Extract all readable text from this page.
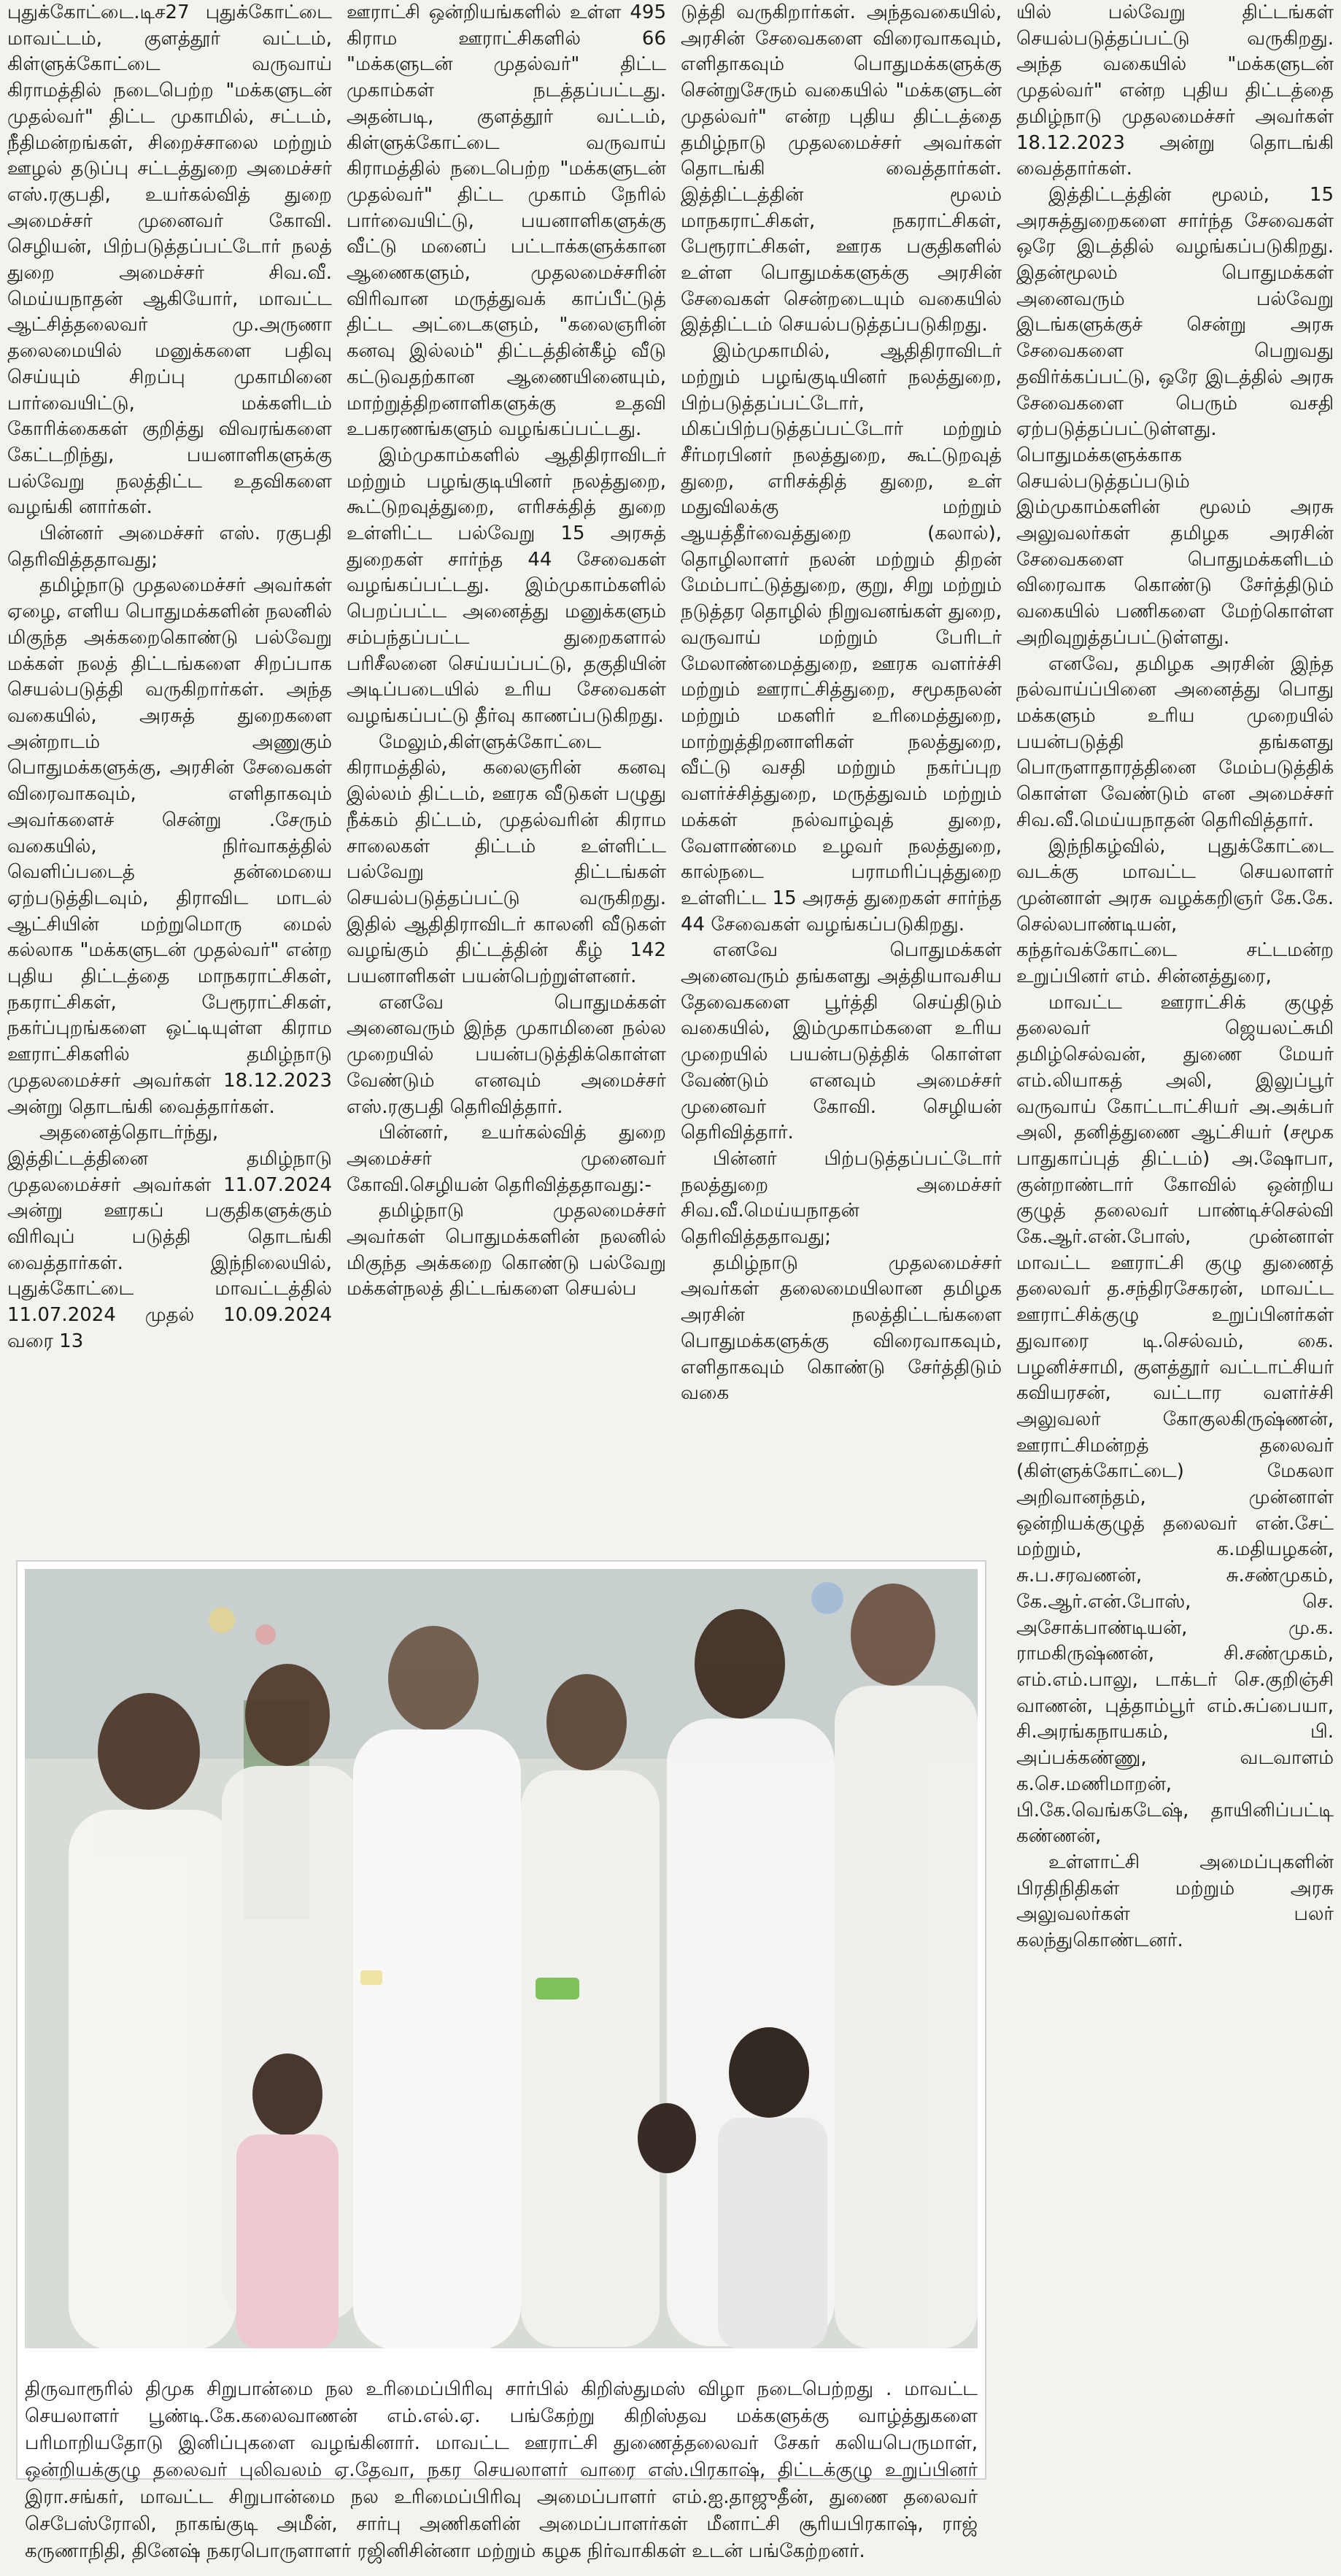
புதுக்கோட்டை.டிச27 புதுக்கோட்டை மாவட்டம், குளத்தூர் வட்டம், கிள்ளுக்கோட்டை வருவாய் கிராமத்தில் நடைபெற்ற "மக்களுடன் முதல்வர்" திட்ட முகாமில், சட்டம், நீதிமன்றங்கள், சிறைச்சாலை மற்றும் ஊழல் தடுப்பு சட்டத்துறை அமைச்சர் எஸ்.ரகுபதி, உயர்கல்வித் துறை அமைச்சர் முனைவர் கோவி. செழியன், பிற்படுத்தப்பட்டோர் நலத் துறை அமைச்சர் சிவ.வீ. மெய்யநாதன் ஆகியோர், மாவட்ட ஆட்சித்தலைவர் மு.அருணா தலைமையில் மனுக்களை பதிவு செய்யும் சிறப்பு முகாமினை பார்வையிட்டு, மக்களிடம் கோரிக்கைகள் குறித்து விவரங்களை கேட்டறிந்து, பயனாளிகளுக்கு பல்வேறு நலத்திட்ட உதவிகளை வழங்கி னார்கள்.

பின்னர் அமைச்சர் எஸ். ரகுபதி தெரிவித்ததாவது;

தமிழ்நாடு முதலமைச்சர் அவர்கள் ஏழை, எளிய பொதுமக்களின் நலனில் மிகுந்த அக்கறைகொண்டு பல்வேறு மக்கள் நலத் திட்டங்களை சிறப்பாக செயல்படுத்தி வருகிறார்கள். அந்த வகையில், அரசுத் துறைகளை அன்றாடம் அணுகும் பொதுமக்களுக்கு, அரசின் சேவைகள் விரைவாகவும், எளிதாகவும் அவர்களைச் சென்று .சேரும் வகையில், நிர்வாகத்தில் வெளிப்படைத் தன்மையை ஏற்படுத்திடவும், திராவிட மாடல் ஆட்சியின் மற்றுமொரு மைல் கல்லாக "மக்களுடன் முதல்வர்" என்ற புதிய திட்டத்தை மாநகராட்சிகள், நகராட்சிகள், பேரூராட்சிகள், நகர்ப்புறங்களை ஒட்டியுள்ள கிராம ஊராட்சிகளில் தமிழ்நாடு முதலமைச்சர் அவர்கள் 18.12.2023 அன்று தொடங்கி வைத்தார்கள்.

அதனைத்தொடர்ந்து, இத்திட்டத்தினை தமிழ்நாடு முதலமைச்சர் அவர்கள் 11.07.2024 அன்று ஊரகப் பகுதிகளுக்கும் விரிவுப் படுத்தி தொடங்கி வைத்தார்கள். இந்நிலையில், புதுக்கோட்டை மாவட்டத்தில் 11.07.2024 முதல் 10.09.2024 வரை 13

ஊராட்சி ஒன்றியங்களில் உள்ள 495 கிராம ஊராட்சிகளில் 66 "மக்களுடன் முதல்வர்" திட்ட முகாம்கள் நடத்தப்பட்டது. அதன்படி, குளத்தூர் வட்டம், கிள்ளுக்கோட்டை வருவாய் கிராமத்தில் நடைபெற்ற "மக்களுடன் முதல்வர்" திட்ட முகாம் நேரில் பார்வையிட்டு, பயனாளிகளுக்கு வீட்டு மனைப் பட்டாக்களுக்கான ஆணைகளும், முதலமைச்சரின் விரிவான மருத்துவக் காப்பீட்டுத் திட்ட அட்டைகளும், "கலைஞரின் கனவு இல்லம்" திட்டத்தின்கீழ் வீடு கட்டுவதற்கான ஆணையினையும், மாற்றுத்திறனாளிகளுக்கு உதவி உபகரணங்களும் வழங்கப்பட்டது.

இம்முகாம்களில் ஆதிதிராவிடர் மற்றும் பழங்குடியினர் நலத்துறை, கூட்டுறவுத்துறை, எரிசக்தித் துறை உள்ளிட்ட பல்வேறு 15 அரசுத் துறைகள் சார்ந்த 44 சேவைகள் வழங்கப்பட்டது. இம்முகாம்களில் பெறப்பட்ட அனைத்து மனுக்களும் சம்பந்தப்பட்ட துறைகளால் பரிசீலனை செய்யப்பட்டு, தகுதியின் அடிப்படையில் உரிய சேவைகள் வழங்கப்பட்டு தீர்வு காணப்படுகிறது.

மேலும்,கிள்ளுக்கோட்டை கிராமத்தில், கலைஞரின் கனவு இல்லம் திட்டம், ஊரக வீடுகள் பழுது நீக்கம் திட்டம், முதல்வரின் கிராம சாலைகள் திட்டம் உள்ளிட்ட பல்வேறு திட்டங்கள் செயல்படுத்தப்பட்டு வருகிறது. இதில் ஆதிதிராவிடர் காலனி வீடுகள் வழங்கும் திட்டத்தின் கீழ் 142 பயனாளிகள் பயன்பெற்றுள்ளனர்.

எனவே பொதுமக்கள் அனைவரும் இந்த முகாமினை நல்ல முறையில் பயன்படுத்திக்கொள்ள வேண்டும் எனவும் அமைச்சர் எஸ்.ரகுபதி தெரிவித்தார்.

பின்னர், உயர்கல்வித் துறை அமைச்சர் முனைவர் கோவி.செழியன் தெரிவித்ததாவது:-

தமிழ்நாடு முதலமைச்சர் அவர்கள் பொதுமக்களின் நலனில் மிகுந்த அக்கறை கொண்டு பல்வேறு மக்கள்நலத் திட்டங்களை செயல்ப

டுத்தி வருகிறார்கள். அந்தவகையில், அரசின் சேவைகளை விரைவாகவும், எளிதாகவும் பொதுமக்களுக்கு சென்றுசேரும் வகையில் "மக்களுடன் முதல்வர்" என்ற புதிய திட்டத்தை தமிழ்நாடு முதலமைச்சர் அவர்கள் தொடங்கி வைத்தார்கள். இத்திட்டத்தின் மூலம் மாநகராட்சிகள், நகராட்சிகள், பேரூராட்சிகள், ஊரக பகுதிகளில் உள்ள பொதுமக்களுக்கு அரசின் சேவைகள் சென்றடையும் வகையில் இத்திட்டம் செயல்படுத்தப்படுகிறது.

இம்முகாமில், ஆதிதிராவிடர் மற்றும் பழங்குடியினர் நலத்துறை, பிற்படுத்தப்பட்டோர், மிகப்பிற்படுத்தப்பட்டோர் மற்றும் சீர்மரபினர் நலத்துறை, கூட்டுறவுத் துறை, எரிசக்தித் துறை, உள் மதுவிலக்கு மற்றும் ஆயத்தீர்வைத்துறை (கலால்), தொழிலாளர் நலன் மற்றும் திறன் மேம்பாட்டுத்துறை, குறு, சிறு மற்றும் நடுத்தர தொழில் நிறுவனங்கள் துறை, வருவாய் மற்றும் பேரிடர் மேலாண்மைத்துறை, ஊரக வளர்ச்சி மற்றும் ஊராட்சித்துறை, சமூகநலன் மற்றும் மகளிர் உரிமைத்துறை, மாற்றுத்திறனாளிகள் நலத்துறை, வீட்டு வசதி மற்றும் நகர்ப்புற வளர்ச்சித்துறை, மருத்துவம் மற்றும் மக்கள் நல்வாழ்வுத் துறை, வேளாண்மை உழவர் நலத்துறை, கால்நடை பராமரிப்புத்துறை உள்ளிட்ட 15 அரசுத் துறைகள் சார்ந்த 44 சேவைகள் வழங்கப்படுகிறது.

எனவே பொதுமக்கள் அனைவரும் தங்களது அத்தியாவசிய தேவைகளை பூர்த்தி செய்திடும் வகையில், இம்முகாம்களை உரிய முறையில் பயன்படுத்திக் கொள்ள வேண்டும் எனவும் அமைச்சர் முனைவர் கோவி. செழியன் தெரிவித்தார்.

பின்னர் பிற்படுத்தப்பட்டோர் நலத்துறை அமைச்சர் சிவ.வீ.மெய்யநாதன் தெரிவித்ததாவது;

தமிழ்நாடு முதலமைச்சர் அவர்கள் தலைமையிலான தமிழக அரசின் நலத்திட்டங்களை பொதுமக்களுக்கு விரைவாகவும், எளிதாகவும் கொண்டு சேர்த்திடும் வகை

யில் பல்வேறு திட்டங்கள் செயல்படுத்தப்பட்டு வருகிறது. அந்த வகையில் "மக்களுடன் முதல்வர்" என்ற புதிய திட்டத்தை தமிழ்நாடு முதலமைச்சர் அவர்கள் 18.12.2023 அன்று தொடங்கி வைத்தார்கள்.

இத்திட்டத்தின் மூலம், 15 அரசுத்துறைகளை சார்ந்த சேவைகள் ஒரே இடத்தில் வழங்கப்படுகிறது. இதன்மூலம் பொதுமக்கள் அனைவரும் பல்வேறு இடங்களுக்குச் சென்று அரசு சேவைகளை பெறுவது தவிர்க்கப்பட்டு, ஒரே இடத்தில் அரசு சேவைகளை பெரும் வசதி ஏற்படுத்தப்பட்டுள்ளது. பொதுமக்களுக்காக செயல்படுத்தப்படும் இம்முகாம்களின் மூலம் அரசு அலுவலர்கள் தமிழக அரசின் சேவைகளை பொதுமக்களிடம் விரைவாக கொண்டு சேர்த்திடும் வகையில் பணிகளை மேற்கொள்ள அறிவுறுத்தப்பட்டுள்ளது.

எனவே, தமிழக அரசின் இந்த நல்வாய்ப்பினை அனைத்து பொது மக்களும் உரிய முறையில் பயன்படுத்தி தங்களது பொருளாதாரத்தினை மேம்படுத்திக் கொள்ள வேண்டும் என அமைச்சர் சிவ.வீ.மெய்யநாதன் தெரிவித்தார்.

இந்நிகழ்வில், புதுக்கோட்டை வடக்கு மாவட்ட செயலாளர் முன்னாள் அரசு வழக்கறிஞர் கே.கே. செல்லபாண்டியன், கந்தர்வக்கோட்டை சட்டமன்ற உறுப்பினர் எம். சின்னத்துரை,

மாவட்ட ஊராட்சிக் குழுத் தலைவர் ஜெயலட்சுமி தமிழ்செல்வன், துணை மேயர் எம்.லியாகத் அலி, இலுப்பூர் வருவாய் கோட்டாட்சியர் அ.அக்பர் அலி, தனித்துணை ஆட்சியர் (சமூக பாதுகாப்புத் திட்டம்) அ.ஷோபா, குன்றாண்டார் கோவில் ஒன்றிய குழுத் தலைவர் பாண்டிச்செல்வி கே.ஆர்.என்.போஸ், முன்னாள் மாவட்ட ஊராட்சி குழு துணைத் தலைவர் த.சந்திரசேகரன், மாவட்ட ஊராட்சிக்குழு உறுப்பினர்கள் துவாரை டி.செல்வம், கை. பழனிச்சாமி, குளத்தூர் வட்டாட்சியர் கவியரசன், வட்டார வளர்ச்சி அலுவலர் கோகுலகிருஷ்ணன், ஊராட்சிமன்றத் தலைவர் (கிள்ளுக்கோட்டை) மேகலா அறிவானந்தம், முன்னாள் ஒன்றியக்குழுத் தலைவர் என்.சேட் மற்றும், க.மதியழகன், சு.ப.சரவணன், சு.சண்முகம், கே.ஆர்.என்.போஸ், செ. அசோக்பாண்டியன், மு.க. ராமகிருஷ்ணன், சி.சண்முகம், எம்.எம்.பாலு, டாக்டர் செ.குறிஞ்சி வாணன், புத்தாம்பூர் எம்.சுப்பையா, சி.அரங்கநாயகம், பி. அப்பக்கண்ணு, வடவாளம் க.செ.மணிமாறன், பி.கே.வெங்கடேஷ், தாயினிப்பட்டி கண்ணன்,

உள்ளாட்சி அமைப்புகளின் பிரதிநிதிகள் மற்றும் அரசு அலுவலர்கள் பலர் கலந்துகொண்டனர்.

திருவாரூரில் திமுக சிறுபான்மை நல உரிமைப்பிரிவு சார்பில் கிறிஸ்துமஸ் விழா நடைபெற்றது . மாவட்ட செயலாளர் பூண்டி.கே.கலைவாணன் எம்.எல்.ஏ. பங்கேற்று கிறிஸ்தவ மக்களுக்கு வாழ்த்துகளை பரிமாறியதோடு இனிப்புகளை வழங்கினார். மாவட்ட ஊராட்சி துணைத்தலைவர் சேகர் கலியபெருமாள், ஒன்றியக்குழு தலைவர் புலிவலம் ஏ.தேவா, நகர செயலாளர் வாரை எஸ்.பிரகாஷ், திட்டக்குழு உறுப்பினர் இரா.சங்கர், மாவட்ட சிறுபான்மை நல உரிமைப்பிரிவு அமைப்பாளர் எம்.ஐ.தாஜுதீன், துணை தலைவர் செபேஸ்ரோலி, நாகங்குடி அமீன், சார்பு அணிகளின் அமைப்பாளர்கள் மீனாட்சி சூரியபிரகாஷ், ராஜ் கருணாநிதி, தினேஷ் நகரபொருளாளர் ரஜினிசின்னா மற்றும் கழக நிர்வாகிகள் உடன் பங்கேற்றனர்.
